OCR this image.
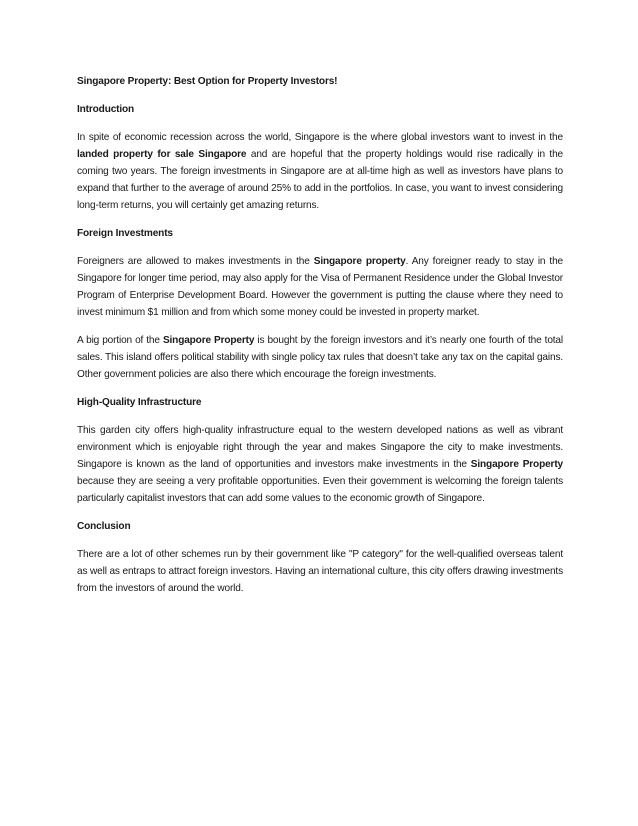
Singapore Property: Best Option for Property Investors!
Introduction

In spite of economic recession across the world, Singapore is the where global investors want to invest in the landed property for sale Singapore and are hopeful that the property holdings would rise radically in the coming two years. The foreign investments in Singapore are at all-time high as well as investors have plans to expand that further to the average of around 25% to add in the portfolios. In case, you want to invest considering long-term returns, you will certainly get amazing returns.

Foreign Investments

Foreigners are allowed to makes investments in the Singapore property. Any foreigner ready to stay in the Singapore for longer time period, may also apply for the Visa of Permanent Residence under the Global Investor Program of Enterprise Development Board. However the government is putting the clause where they need to invest minimum $1 million and from which some money could be invested in property market.

A big portion of the Singapore Property is bought by the foreign investors and it’s nearly one fourth of the total sales. This island offers political stability with single policy tax rules that doesn’t take any tax on the capital gains. Other government policies are also there which encourage the foreign investments.

High-Quality Infrastructure

This garden city offers high-quality infrastructure equal to the western developed nations as well as vibrant environment which is enjoyable right through the year and makes Singapore the city to make investments. Singapore is known as the land of opportunities and investors make investments in the Singapore Property because they are seeing a very profitable opportunities. Even their government is welcoming the foreign talents particularly capitalist investors that can add some values to the economic growth of Singapore.

Conclusion

There are a lot of other schemes run by their government like "P category" for the well-qualified overseas talent as well as entraps to attract foreign investors. Having an international culture, this city offers drawing investments from the investors of around the world.
